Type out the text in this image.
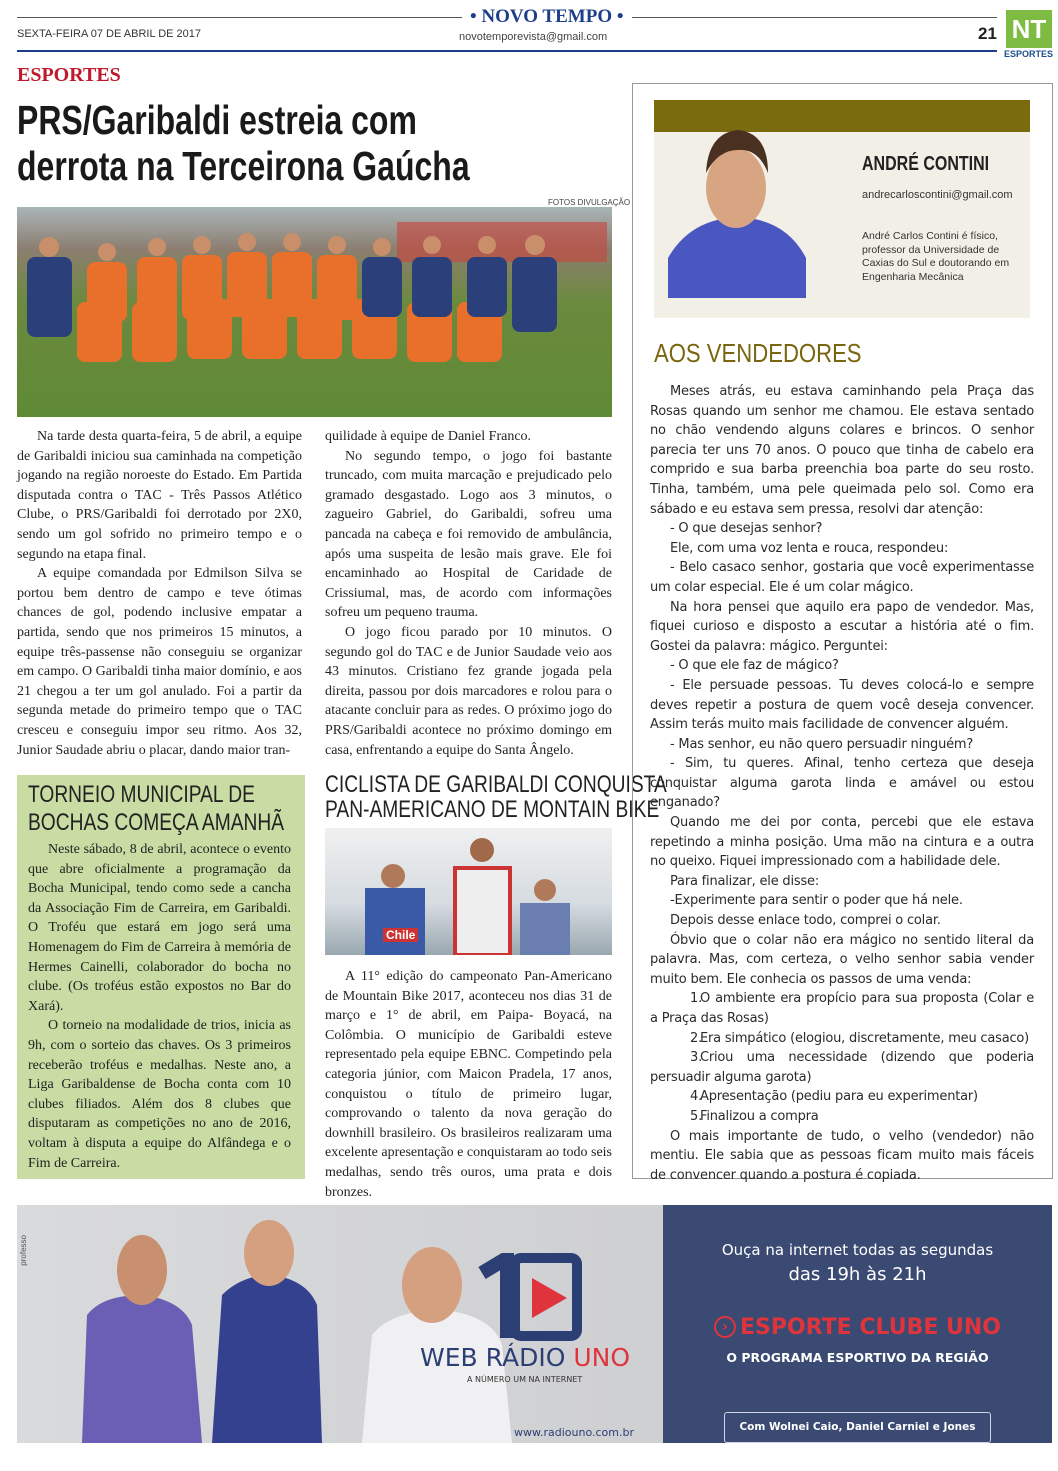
• NOVO TEMPO •
SEXTA-FEIRA 07 DE ABRIL DE 2017	novotemporevista@gmail.com	21 NT
ESPORTES
ESPORTES
PRS/Garibaldi estreia com
derrota na Terceirona Gaúcha
FOTOS DIVULGAÇÃO

Na tarde desta quarta-feira, 5 de abril, a equipe de Garibaldi iniciou sua caminhada na competição jogando na região noroeste do Estado. Em Partida disputada contra o TAC - Três Passos Atlético Clube, o PRS/Garibaldi foi derrotado por 2X0, sendo um gol sofrido no primeiro tempo e o segundo na etapa final.

A equipe comandada por Edmilson Silva se portou bem dentro de campo e teve ótimas chances de gol, podendo inclusive empatar a partida, sendo que nos primeiros 15 minutos, a equipe três-passense não conseguiu se organizar em campo. O Garibaldi tinha maior domínio, e aos 21 chegou a ter um gol anulado. Foi a partir da segunda metade do primeiro tempo que o TAC cresceu e conseguiu impor seu ritmo. Aos 32, Junior Saudade abriu o placar, dando maior tran-

quilidade à equipe de Daniel Franco.

No segundo tempo, o jogo foi bastante truncado, com muita marcação e prejudicado pelo gramado desgastado. Logo aos 3 minutos, o zagueiro Gabriel, do Garibaldi, sofreu uma pancada na cabeça e foi removido de ambulância, após uma suspeita de lesão mais grave. Ele foi encaminhado ao Hospital de Caridade de Crissiumal, mas, de acordo com informações sofreu um pequeno trauma.

O jogo ficou parado por 10 minutos. O segundo gol do TAC e de Junior Saudade veio aos 43 minutos. Cristiano fez grande jogada pela direita, passou por dois marcadores e rolou para o atacante concluir para as redes. O próximo jogo do PRS/Garibaldi acontece no próximo domingo em casa, enfrentando a equipe do Santa Ângelo.

TORNEIO MUNICIPAL DE
BOCHAS COMEÇA AMANHÃ

Neste sábado, 8 de abril, acontece o evento que abre oficialmente a programação da Bocha Municipal, tendo como sede a cancha da Associação Fim de Carreira, em Garibaldi. O Troféu que estará em jogo será uma Homenagem do Fim de Carreira à memória de Hermes Cainelli, colaborador do bocha no clube. (Os troféus estão expostos no Bar do Xará).

O torneio na modalidade de trios, inicia as 9h, com o sorteio das chaves. Os 3 primeiros receberão troféus e medalhas. Neste ano, a Liga Garibaldense de Bocha conta com 10 clubes filiados. Além dos 8 clubes que disputaram as competições no ano de 2016, voltam à disputa a equipe do Alfândega e o Fim de Carreira.

CICLISTA DE GARIBALDI CONQUISTA
PAN-AMERICANO DE MONTAIN BIKE
Chile

A 11° edição do campeonato Pan-Americano de Mountain Bike 2017, aconteceu nos dias 31 de março e 1° de abril, em Paipa- Boyacá, na Colômbia. O município de Garibaldi esteve representado pela equipe EBNC. Competindo pela categoria júnior, com Maicon Pradela, 17 anos, conquistou o título de primeiro lugar, comprovando o talento da nova geração do downhill brasileiro. Os brasileiros realizaram uma excelente apresentação e conquistaram ao todo seis medalhas, sendo três ouros, uma prata e dois bronzes.

ANDRÉ CONTINI
andrecarloscontini@gmail.com
André Carlos Contini é físico, professor da Universidade de Caxias do Sul e doutorando em Engenharia Mecânica
AOS VENDEDORES

Meses atrás, eu estava caminhando pela Praça das Rosas quando um senhor me chamou. Ele estava sentado no chão vendendo alguns colares e brincos. O senhor parecia ter uns 70 anos. O pouco que tinha de cabelo era comprido e sua barba preenchia boa parte do seu rosto. Tinha, também, uma pele queimada pelo sol. Como era sábado e eu estava sem pressa, resolvi dar atenção:

- O que desejas senhor?

Ele, com uma voz lenta e rouca, respondeu:

- Belo casaco senhor, gostaria que você experimentasse um colar especial. Ele é um colar mágico.

Na hora pensei que aquilo era papo de vendedor. Mas, fiquei curioso e disposto a escutar a história até o fim. Gostei da palavra: mágico. Perguntei:

- O que ele faz de mágico?

- Ele persuade pessoas. Tu deves colocá-lo e sempre deves repetir a postura de quem você deseja convencer. Assim terás muito mais facilidade de convencer alguém.

- Mas senhor, eu não quero persuadir ninguém?

- Sim, tu queres. Afinal, tenho certeza que deseja conquistar alguma garota linda e amável ou estou enganado?

Quando me dei por conta, percebi que ele estava repetindo a minha posição. Uma mão na cintura e a outra no queixo. Fiquei impressionado com a habilidade dele.

Para finalizar, ele disse:

-Experimente para sentir o poder que há nele.

Depois desse enlace todo, comprei o colar.

Óbvio que o colar não era mágico no sentido literal da palavra. Mas, com certeza, o velho senhor sabia vender muito bem. Ele conhecia os passos de uma venda:

1.O ambiente era propício para sua proposta (Colar e a Praça das Rosas)

2.Era simpático (elogiou, discretamente, meu casaco)

3.Criou uma necessidade (dizendo que poderia persuadir alguma garota)

4.Apresentação (pediu para eu experimentar)

5.Finalizou a compra

O mais importante de tudo, o velho (vendedor) não mentiu. Ele sabia que as pessoas ficam muito mais fáceis de convencer quando a postura é copiada.

professo
WEB RÁDIO UNO
A NÚMERO UM NA INTERNET
www.radiouno.com.br
Ouça na internet todas as segundas
das 19h às 21h
› ESPORTE CLUBE UNO
O PROGRAMA ESPORTIVO DA REGIÃO
Com Wolnei Caio, Daniel Carniel e Jones Demari
